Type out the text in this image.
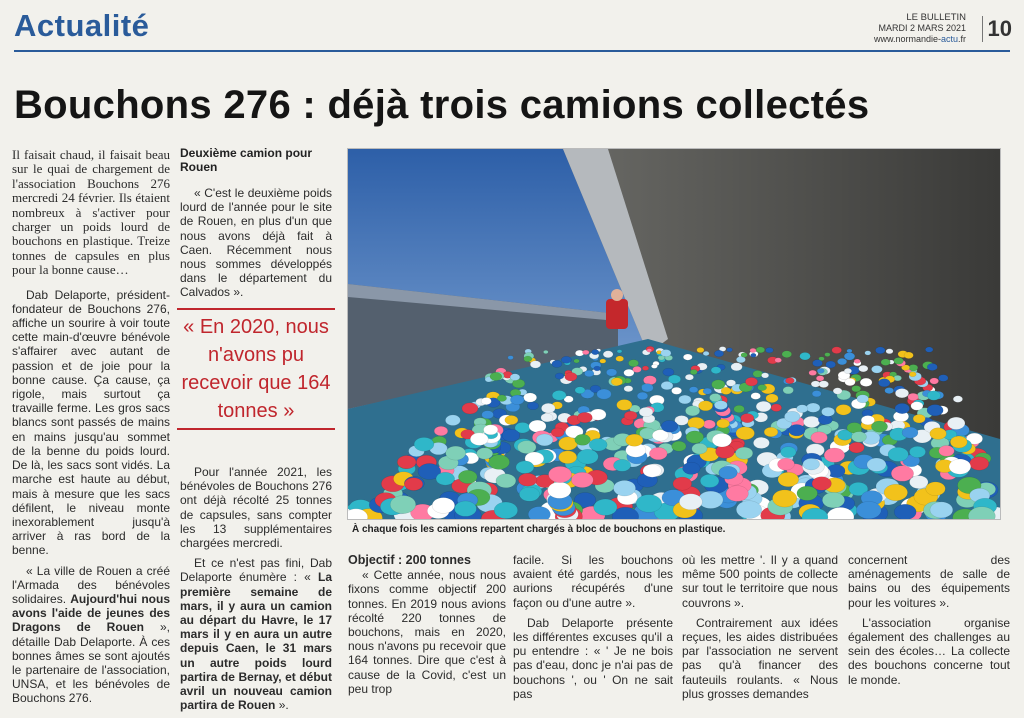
Actualité	LE BULLETIN
MARDI 2 MARS 2021
www.normandie-actu.fr 10
Bouchons 276 : déjà trois camions collectés

Il faisait chaud, il faisait beau sur le quai de chargement de l'association Bouchons 276 mercredi 24 février. Ils étaient nombreux à s'activer pour charger un poids lourd de bouchons en plastique. Treize tonnes de capsules en plus pour la bonne cause…

Dab Delaporte, président-fondateur de Bouchons 276, affiche un sourire à voir toute cette main-d'œuvre bénévole s'affairer avec autant de passion et de joie pour la bonne cause. Ça cause, ça rigole, mais surtout ça travaille ferme. Les gros sacs blancs sont passés de mains en mains jusqu'au sommet de la benne du poids lourd. De là, les sacs sont vidés. La marche est haute au début, mais à mesure que les sacs défilent, le niveau monte inexorablement jusqu'à arriver à ras bord de la benne.

« La ville de Rouen a créé l'Armada des bénévoles solidaires. Aujourd'hui nous avons l'aide de jeunes des Dragons de Rouen », détaille Dab Delaporte. À ces bonnes âmes se sont ajoutés le partenaire de l'association, UNSA, et les bénévoles de Bouchons 276.

Deuxième camion pour Rouen

« C'est le deuxième poids lourd de l'année pour le site de Rouen, en plus d'un que nous avons déjà fait à Caen. Récemment nous nous sommes développés dans le département du Calvados ».

« En 2020, nous n'avons pu recevoir que 164 tonnes »

Pour l'année 2021, les bénévoles de Bouchons 276 ont déjà récolté 25 tonnes de capsules, sans compter les 13 supplémentaires chargées mercredi.

Et ce n'est pas fini, Dab Delaporte énumère : « La première semaine de mars, il y aura un camion au départ du Havre, le 17 mars il y en aura un autre depuis Caen, le 31 mars un autre poids lourd partira de Bernay, et début avril un nouveau camion partira de Rouen ».

À chaque fois les camions repartent chargés à bloc de bouchons en plastique.
Objectif : 200 tonnes

« Cette année, nous nous fixons comme objectif 200 tonnes. En 2019 nous avions récolté 220 tonnes de bouchons, mais en 2020, nous n'avons pu recevoir que 164 tonnes. Dire que c'est à cause de la Covid, c'est un peu trop

facile. Si les bouchons avaient été gardés, nous les aurions récupérés d'une façon ou d'une autre ».

Dab Delaporte présente les différentes excuses qu'il a pu entendre : « ' Je ne bois pas d'eau, donc je n'ai pas de bouchons ', ou ' On ne sait pas

où les mettre '. Il y a quand même 500 points de collecte sur tout le territoire que nous couvrons ».

Contrairement aux idées reçues, les aides distribuées par l'association ne servent pas qu'à financer des fauteuils roulants. « Nous plus grosses demandes

concernent des aménagements de salle de bains ou des équipements pour les voitures ».

L'association organise également des challenges au sein des écoles… La collecte des bouchons concerne tout le monde.
